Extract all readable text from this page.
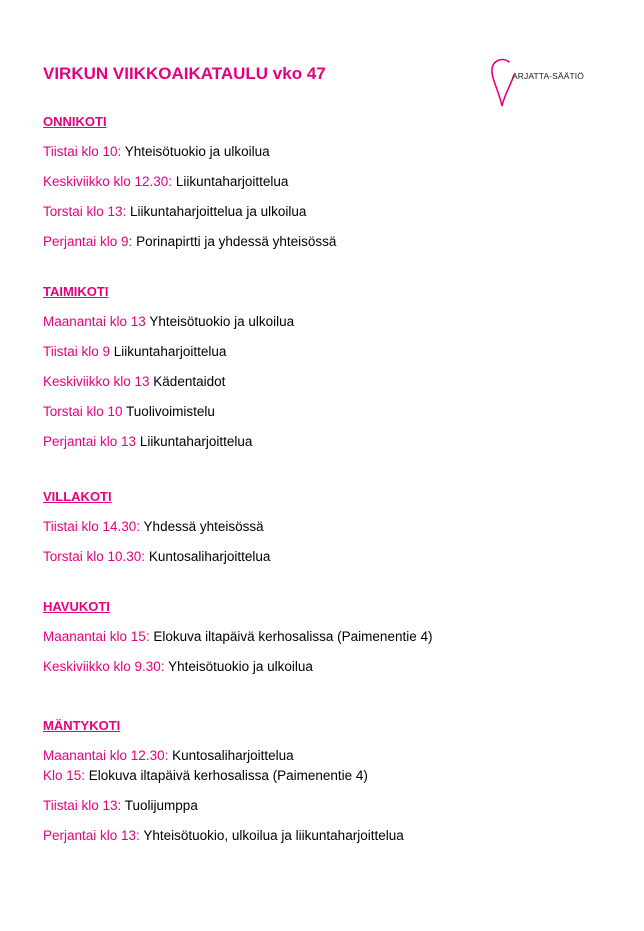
VIRKUN VIIKKOAIKATAULU vko 47	ARJATTA-SÄÄTIÖ
ONNIKOTI
Tiistai klo 10: Yhteisötuokio ja ulkoilua
Keskiviikko klo 12.30: Liikuntaharjoittelua
Torstai klo 13: Liikuntaharjoittelua ja ulkoilua
Perjantai klo 9: Porinapirtti ja yhdessä yhteisössä
TAIMIKOTI
Maanantai klo 13 Yhteisötuokio ja ulkoilua
Tiistai klo 9 Liikuntaharjoittelua
Keskiviikko klo 13 Kädentaidot
Torstai klo 10 Tuolivoimistelu
Perjantai klo 13 Liikuntaharjoittelua
VILLAKOTI
Tiistai klo 14.30: Yhdessä yhteisössä
Torstai klo 10.30: Kuntosaliharjoittelua
HAVUKOTI
Maanantai klo 15: Elokuva iltapäivä kerhosalissa (Paimenentie 4)
Keskiviikko klo 9.30: Yhteisötuokio ja ulkoilua
MÄNTYKOTI
Maanantai klo 12.30: Kuntosaliharjoittelua
Klo 15: Elokuva iltapäivä kerhosalissa (Paimenentie 4)
Tiistai klo 13: Tuolijumppa
Perjantai klo 13: Yhteisötuokio, ulkoilua ja liikuntaharjoittelua
